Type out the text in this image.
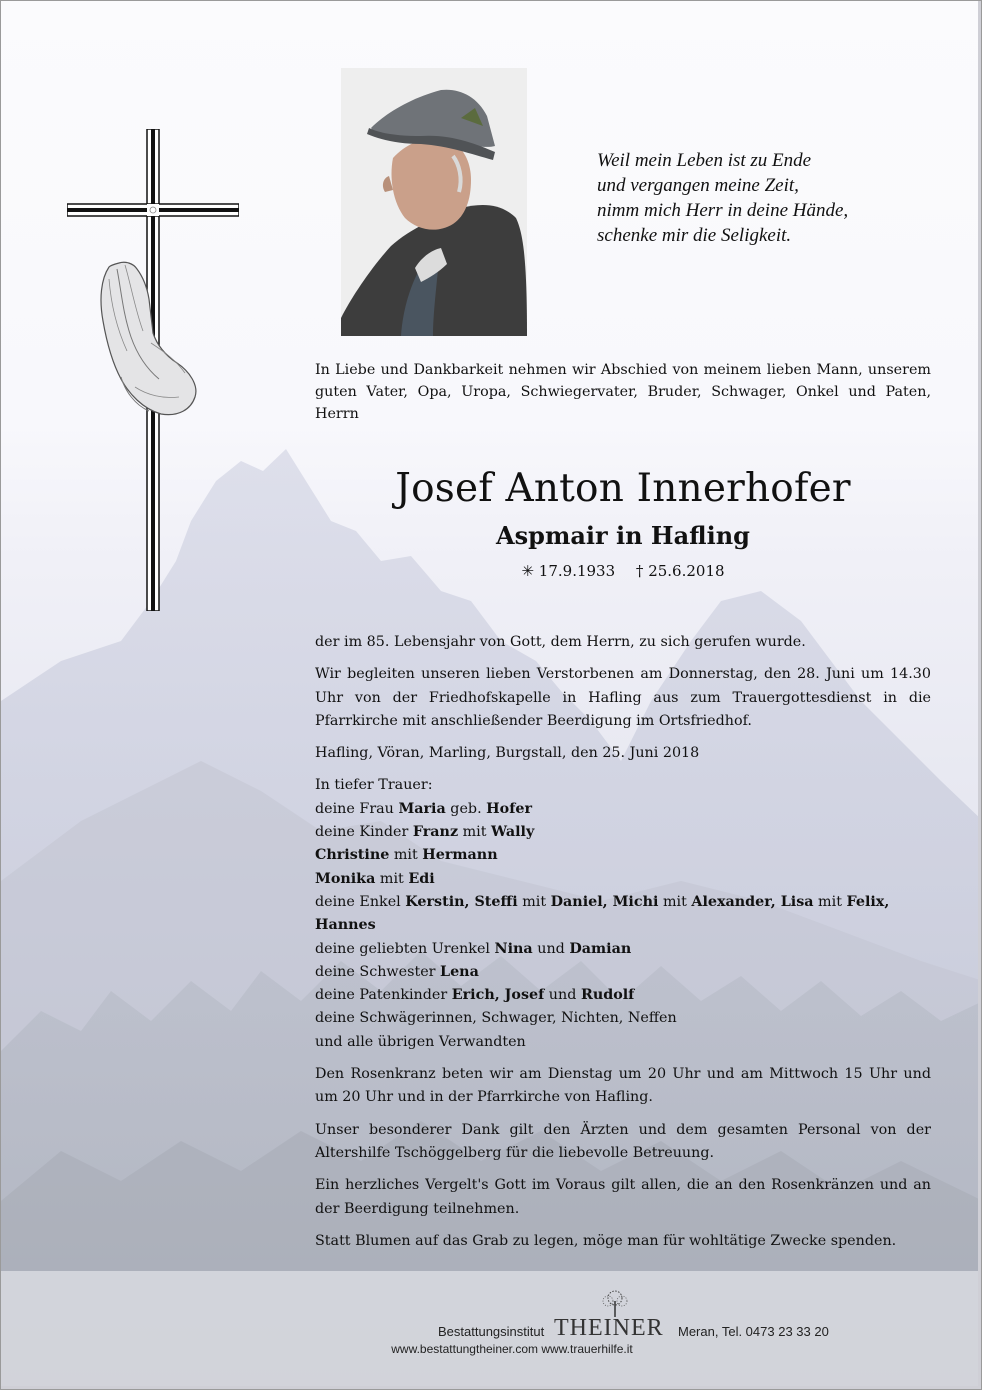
Weil mein Leben ist zu Ende
und vergangen meine Zeit,
nimm mich Herr in deine Hände,
schenke mir die Seligkeit.
In Liebe und Dankbarkeit nehmen wir Abschied von meinem lieben Mann, unserem guten Vater, Opa, Uropa, Schwiegervater, Bruder, Schwager, Onkel und Paten, Herrn
Josef Anton Innerhofer
Aspmair in Hafling
✳ 17.9.1933 † 25.6.2018
der im 85. Lebensjahr von Gott, dem Herrn, zu sich gerufen wurde.
Wir begleiten unseren lieben Verstorbenen am Donnerstag, den 28. Juni um 14.30 Uhr von der Friedhofskapelle in Hafling aus zum Trauergottesdienst in die Pfarrkirche mit anschließender Beerdigung im Ortsfriedhof.
Hafling, Vöran, Marling, Burgstall, den 25. Juni 2018
In tiefer Trauer:
deine Frau Maria geb. Hofer
deine Kinder Franz mit Wally
Christine mit Hermann
Monika mit Edi
deine Enkel Kerstin, Steffi mit Daniel, Michi mit Alexander, Lisa mit Felix,
Hannes
deine geliebten Urenkel Nina und Damian
deine Schwester Lena
deine Patenkinder Erich, Josef und Rudolf
deine Schwägerinnen, Schwager, Nichten, Neffen
und alle übrigen Verwandten
Den Rosenkranz beten wir am Dienstag um 20 Uhr und am Mittwoch 15 Uhr und um 20 Uhr und in der Pfarrkirche von Hafling.
Unser besonderer Dank gilt den Ärzten und dem gesamten Personal von der Altershilfe Tschöggelberg für die liebevolle Betreuung.
Ein herzliches Vergelt's Gott im Voraus gilt allen, die an den Rosenkränzen und an der Beerdigung teilnehmen.
Statt Blumen auf das Grab zu legen, möge man für wohltätige Zwecke spenden.
Bestattungsinstitut THEINER Meran, Tel. 0473 23 33 20
www.bestattungtheiner.com www.trauerhilfe.it
